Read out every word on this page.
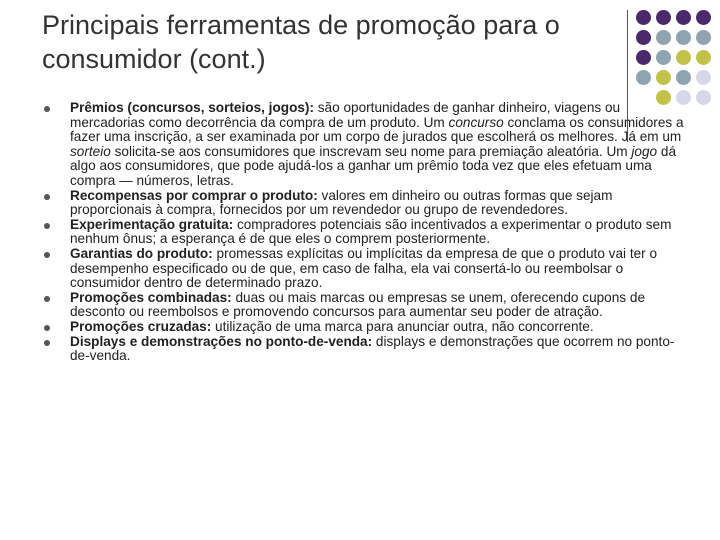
Principais ferramentas de promoção para o consumidor (cont.)
Prêmios (concursos, sorteios, jogos): são oportunidades de ganhar dinheiro, viagens ou mercadorias como decorrência da compra de um produto. Um concurso conclama os consumidores a fazer uma inscrição, a ser examinada por um corpo de jurados que escolherá os melhores. Já em um sorteio solicita-se aos consumidores que inscrevam seu nome para premiação aleatória. Um jogo dá algo aos consumidores, que pode ajudá-los a ganhar um prêmio toda vez que eles efetuam uma compra — números, letras.
Recompensas por comprar o produto: valores em dinheiro ou outras formas que sejam proporcionais à compra, fornecidos por um revendedor ou grupo de revendedores.
Experimentação gratuita: compradores potenciais são incentivados a experimentar o produto sem nenhum ônus; a esperança é de que eles o comprem posteriormente.
Garantias do produto: promessas explícitas ou implícitas da empresa de que o produto vai ter o desempenho especificado ou de que, em caso de falha, ela vai consertá-lo ou reembolsar o consumidor dentro de determinado prazo.
Promoções combinadas: duas ou mais marcas ou empresas se unem, oferecendo cupons de desconto ou reembolsos e promovendo concursos para aumentar seu poder de atração.
Promoções cruzadas: utilização de uma marca para anunciar outra, não concorrente.
Displays e demonstrações no ponto-de-venda: displays e demonstrações que ocorrem no ponto-de-venda.
